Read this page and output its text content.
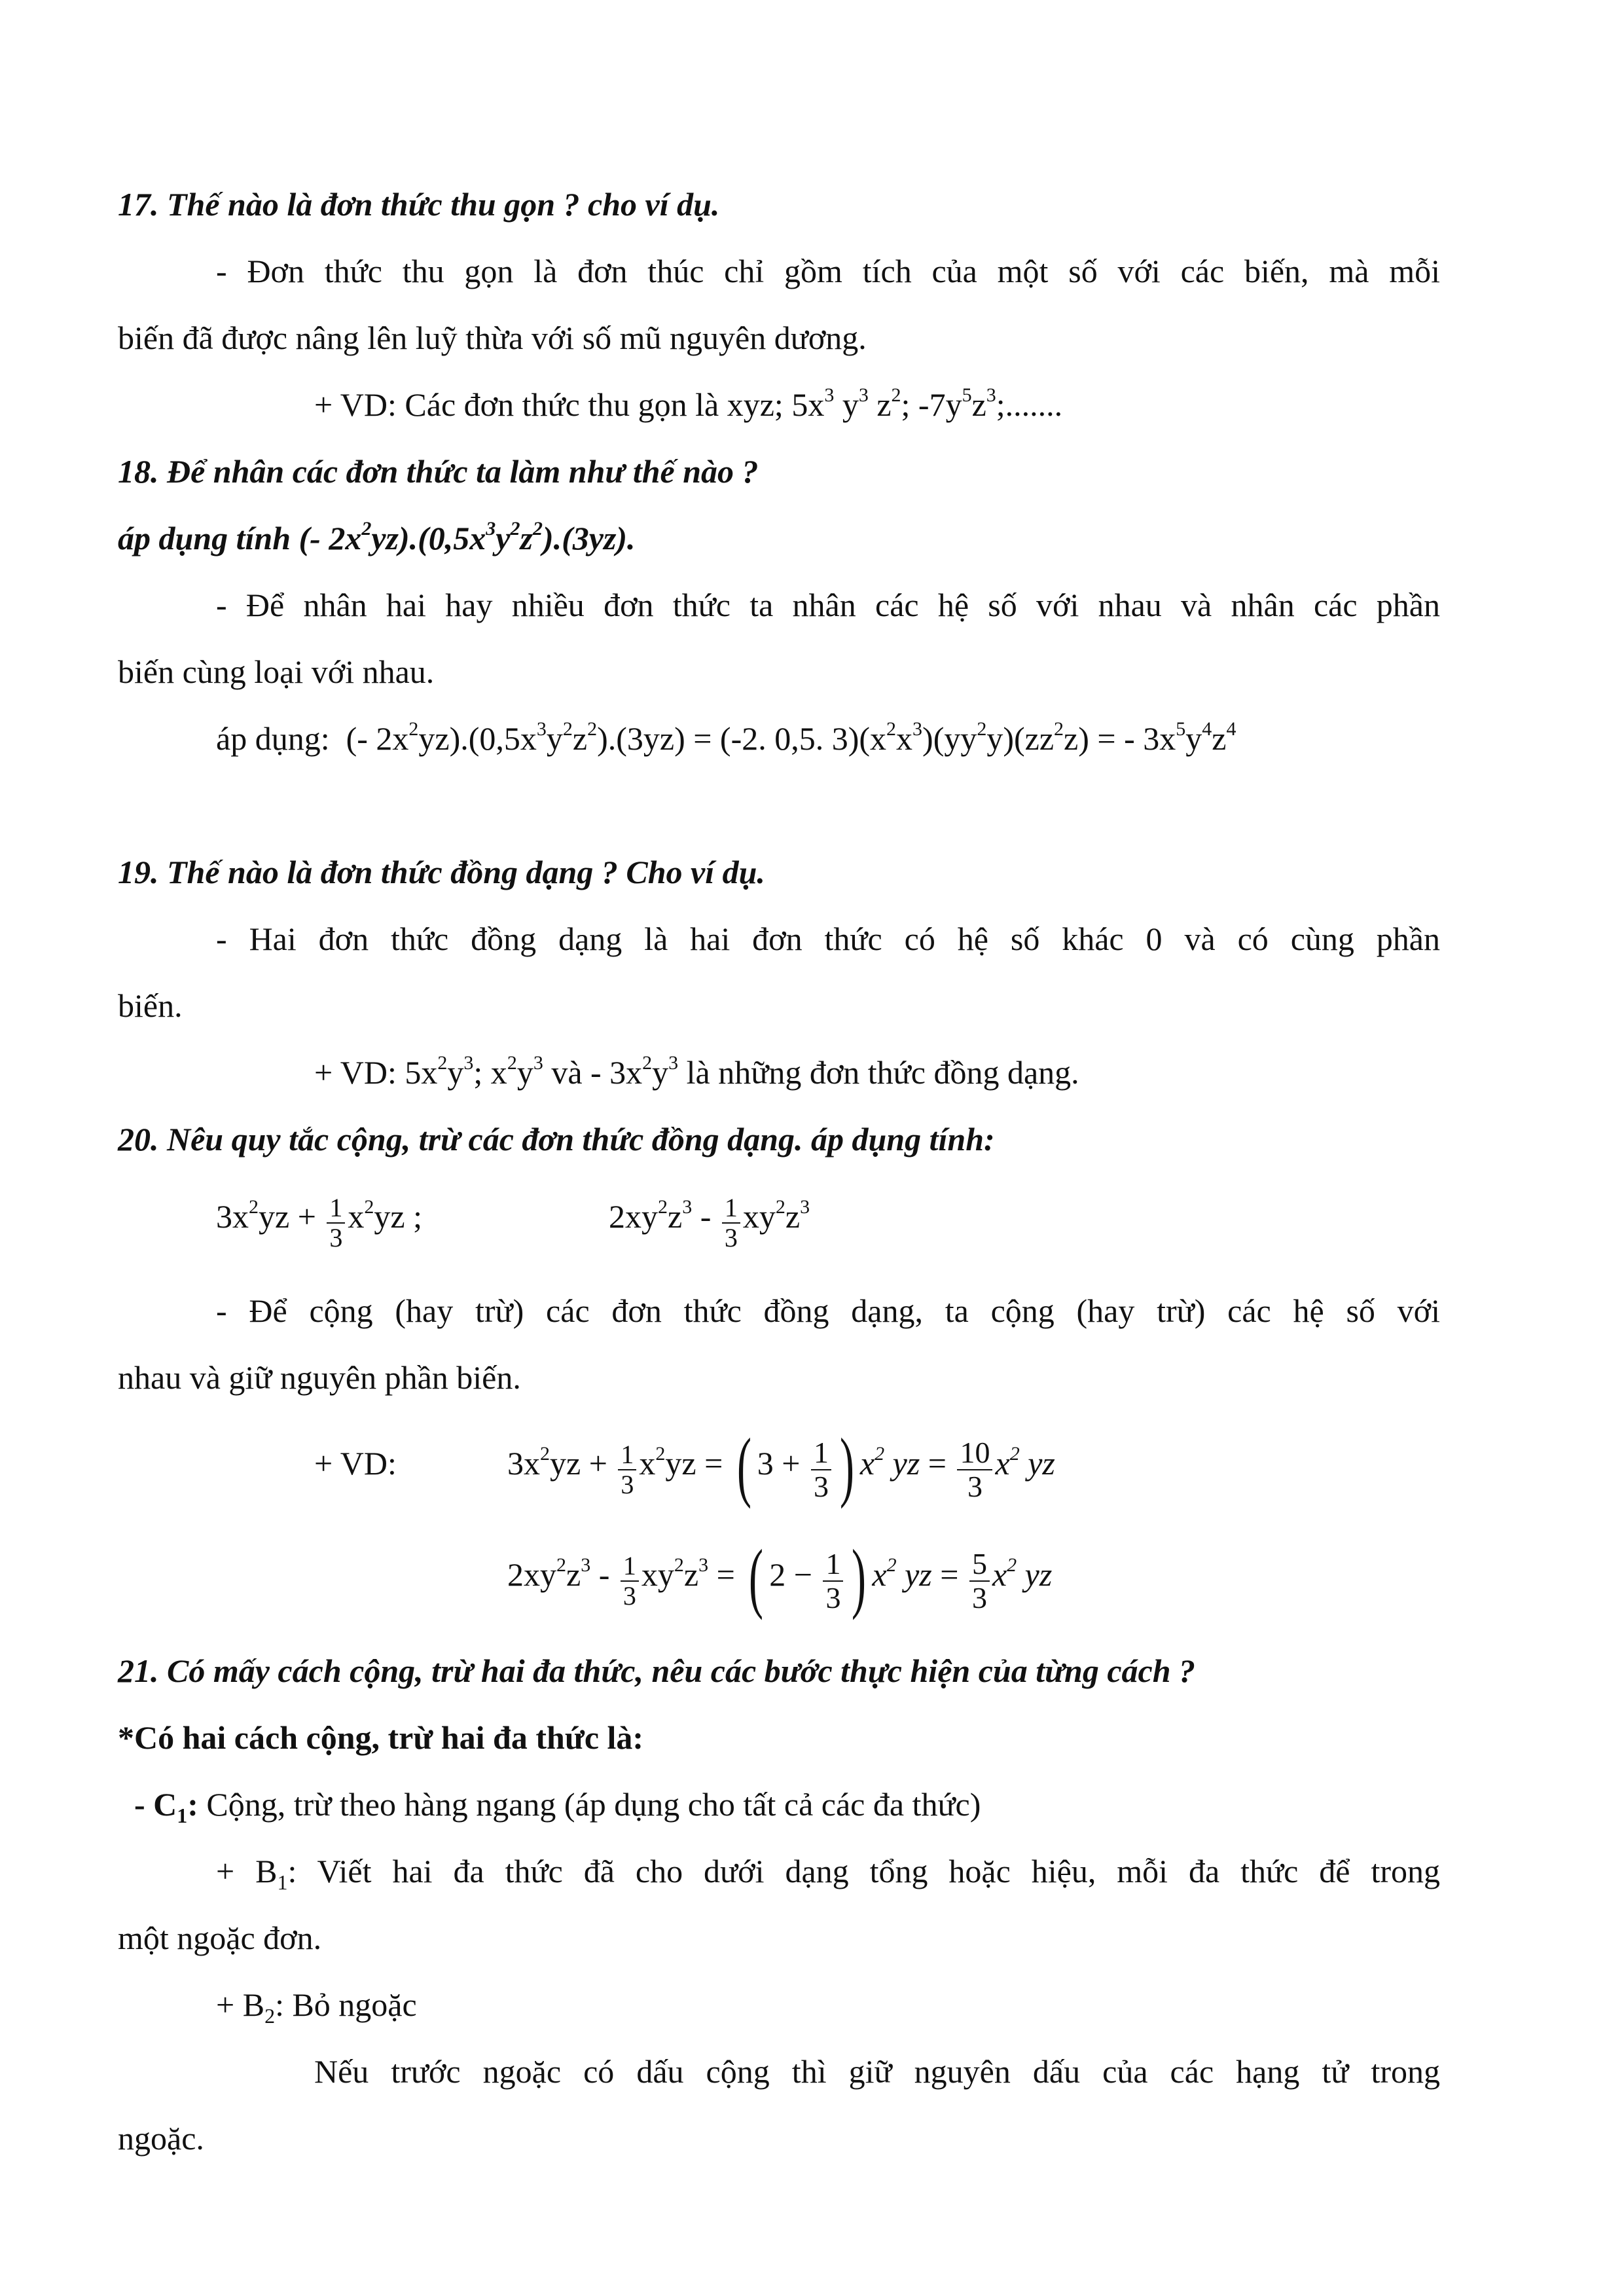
17. Thế nào là đơn thức thu gọn ? cho ví dụ.
- Đơn thức thu gọn là đơn thúc chỉ gồm tích của một số với các biến, mà mỗi
biến đã được nâng lên luỹ thừa với số mũ nguyên dương.
+ VD: Các đơn thức thu gọn là xyz; $5x^3$ $y^3$ $z^2$; $-7y^5z^3$;.......
18. Để nhân các đơn thức ta làm như thế nào ?
áp dụng tính (- $2x^2yz).(0,5x^3y^2z^2).(3yz)$.
- Để nhân hai hay nhiều đơn thức ta nhân các hệ số với nhau và nhân các phần
biến cùng loại với nhau.
áp dụng:  (- $2x^2yz).(0,5x^3y^2z^2).(3yz) = (-2$. 0,5. $3)(x^2x^3)(yy^2y)(zz^2z)$ = - $3x^5y^4z^4$
19. Thế nào là đơn thức đồng dạng ? Cho ví dụ.
- Hai đơn thức đồng dạng là hai đơn thức có hệ số khác 0 và có cùng phần
biến.
+ VD: $5x^2y^3$; $x^2y^3$ và - $3x^2y^3$ là những đơn thức đồng dạng.
20. Nêu quy tắc cộng, trừ các đơn thức đồng dạng. áp dụng tính:
$3x^2yz + \frac{1}{3} x^2yz$ ;	$2xy^2z^3 - \frac{1}{3} xy^2z^3$
- Để cộng (hay trừ) các đơn thức đồng dạng, ta cộng (hay trừ) các hệ số với
nhau và giữ nguyên phần biến.
+ VD:	$3x^2yz + \frac{1}{3} x^2yz$ = ( $3 + \frac{1}{3}$ ) $x^2$ yz = $\frac{10}{3} x^2$ yz
$2xy^2z^3 - \frac{1}{3} xy^2z^3$ = ( $2 - \frac{1}{3}$ ) $x^2$ yz = $\frac{5}{3} x^2$ yz
21. Có mấy cách cộng, trừ hai đa thức, nêu các bước thực hiện của từng cách ?
*Có hai cách cộng, trừ hai đa thức là:
- $C_1$: Cộng, trừ theo hàng ngang (áp dụng cho tất cả các đa thức)
+ $B_1$: Viết hai đa thức đã cho dưới dạng tổng hoặc hiệu, mỗi đa thức để trong
một ngoặc đơn.
+ $B_2$: Bỏ ngoặc
Nếu trước ngoặc có dấu cộng thì giữ nguyên dấu của các hạng tử trong
ngoặc.
